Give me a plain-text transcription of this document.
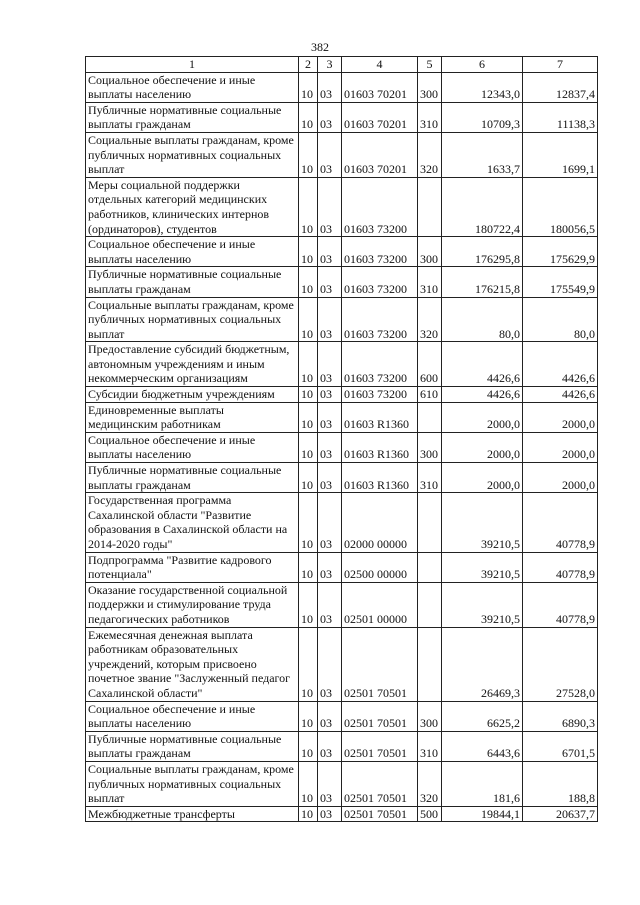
382
1	2	3	4	5	6	7
Социальное обеспечение и иные выплаты населению	10	03	01603 70201	300	12343,0	12837,4
Публичные нормативные социальные выплаты гражданам	10	03	01603 70201	310	10709,3	11138,3
Социальные выплаты гражданам, кроме публичных нормативных социальных выплат	10	03	01603 70201	320	1633,7	1699,1
Меры социальной поддержки отдельных категорий медицинских работников, клинических интернов (ординаторов), студентов	10	03	01603 73200		180722,4	180056,5
Социальное обеспечение и иные выплаты населению	10	03	01603 73200	300	176295,8	175629,9
Публичные нормативные социальные выплаты гражданам	10	03	01603 73200	310	176215,8	175549,9
Социальные выплаты гражданам, кроме публичных нормативных социальных выплат	10	03	01603 73200	320	80,0	80,0
Предоставление субсидий бюджетным, автономным учреждениям и иным некоммерческим организациям	10	03	01603 73200	600	4426,6	4426,6
Субсидии бюджетным учреждениям	10	03	01603 73200	610	4426,6	4426,6
Единовременные выплаты медицинским работникам	10	03	01603 R1360		2000,0	2000,0
Социальное обеспечение и иные выплаты населению	10	03	01603 R1360	300	2000,0	2000,0
Публичные нормативные социальные выплаты гражданам	10	03	01603 R1360	310	2000,0	2000,0
Государственная программа Сахалинской области "Развитие образования в Сахалинской области на 2014-2020 годы"	10	03	02000 00000		39210,5	40778,9
Подпрограмма "Развитие кадрового потенциала"	10	03	02500 00000		39210,5	40778,9
Оказание государственной социальной поддержки и стимулирование труда педагогических работников	10	03	02501 00000		39210,5	40778,9
Ежемесячная денежная выплата работникам образовательных учреждений, которым присвоено почетное звание "Заслуженный педагог Сахалинской области"	10	03	02501 70501		26469,3	27528,0
Социальное обеспечение и иные выплаты населению	10	03	02501 70501	300	6625,2	6890,3
Публичные нормативные социальные выплаты гражданам	10	03	02501 70501	310	6443,6	6701,5
Социальные выплаты гражданам, кроме публичных нормативных социальных выплат	10	03	02501 70501	320	181,6	188,8
Межбюджетные трансферты	10	03	02501 70501	500	19844,1	20637,7
